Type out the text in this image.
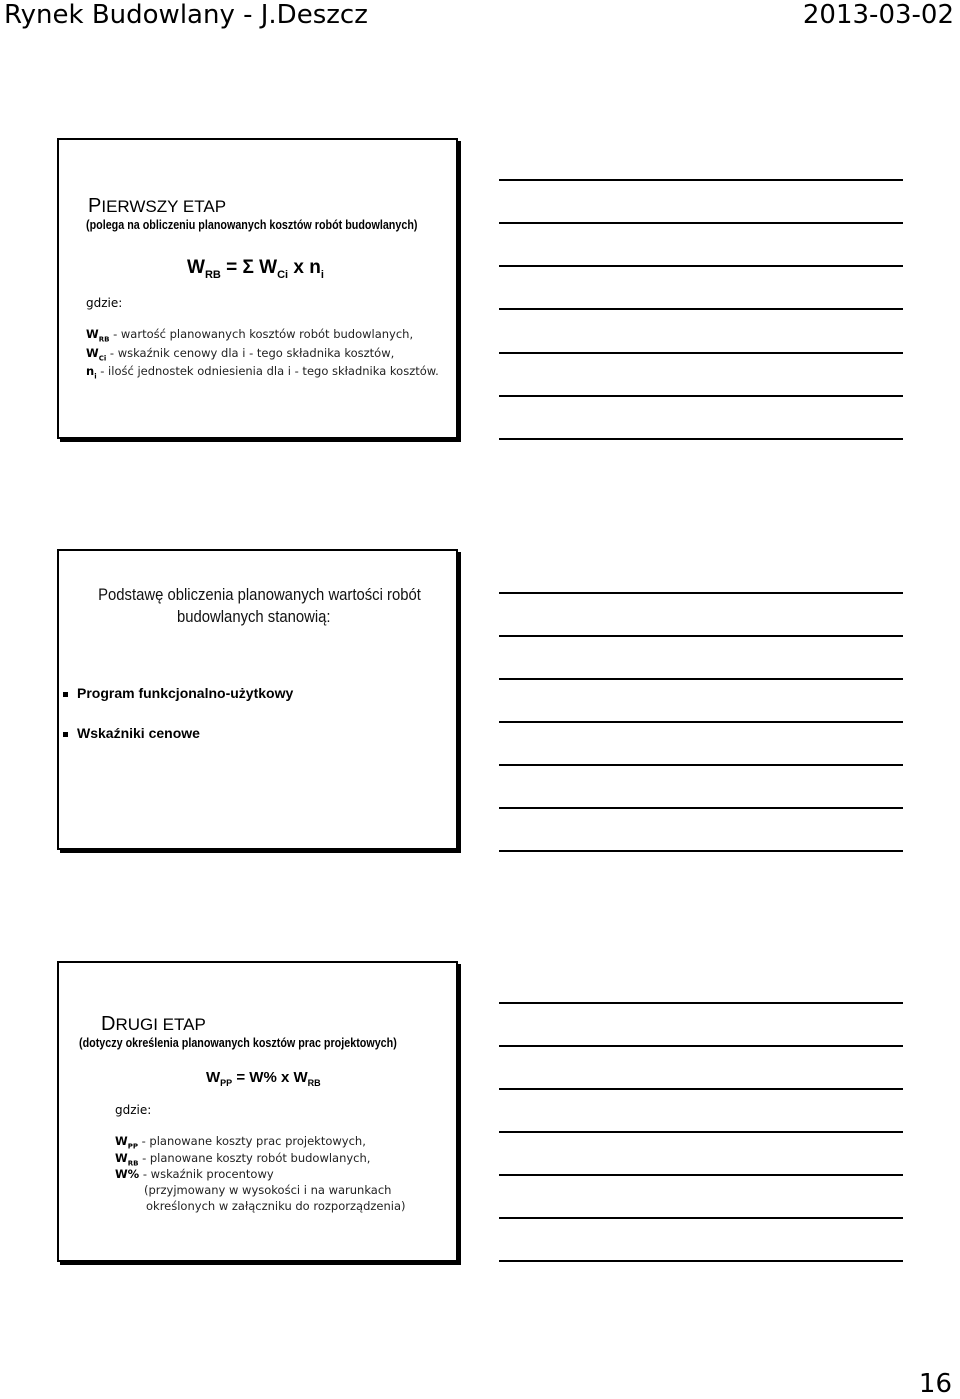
Rynek Budowlany - J.Deszcz	2013-03-02
PIERWSZY ETAP
(polega na obliczeniu planowanych kosztów robót budowlanych)
$W_{RB} = \Sigma$ $W_{Ci}$ x $n_i$
gdzie:
$W_{RB}$ - wartość planowanych kosztów robót budowlanych,
$W_{Ci}$ - wskaźnik cenowy dla i - tego składnika kosztów,
$n_i$ - ilość jednostek odniesienia dla i - tego składnika kosztów.
Podstawę obliczenia planowanych wartości robót
budowlanych stanowią:
Program funkcjonalno-użytkowy
Wskaźniki cenowe
DRUGI ETAP
(dotyczy określenia planowanych kosztów prac projektowych)
$W_{PP} = W\%$ x $W_{RB}$
gdzie:
$W_{PP}$ - planowane koszty prac projektowych,
$W_{RB}$ - planowane koszty robót budowlanych,
W% - wskaźnik procentowy
(przyjmowany w wysokości i na warunkach
określonych w załączniku do rozporządzenia)
16
